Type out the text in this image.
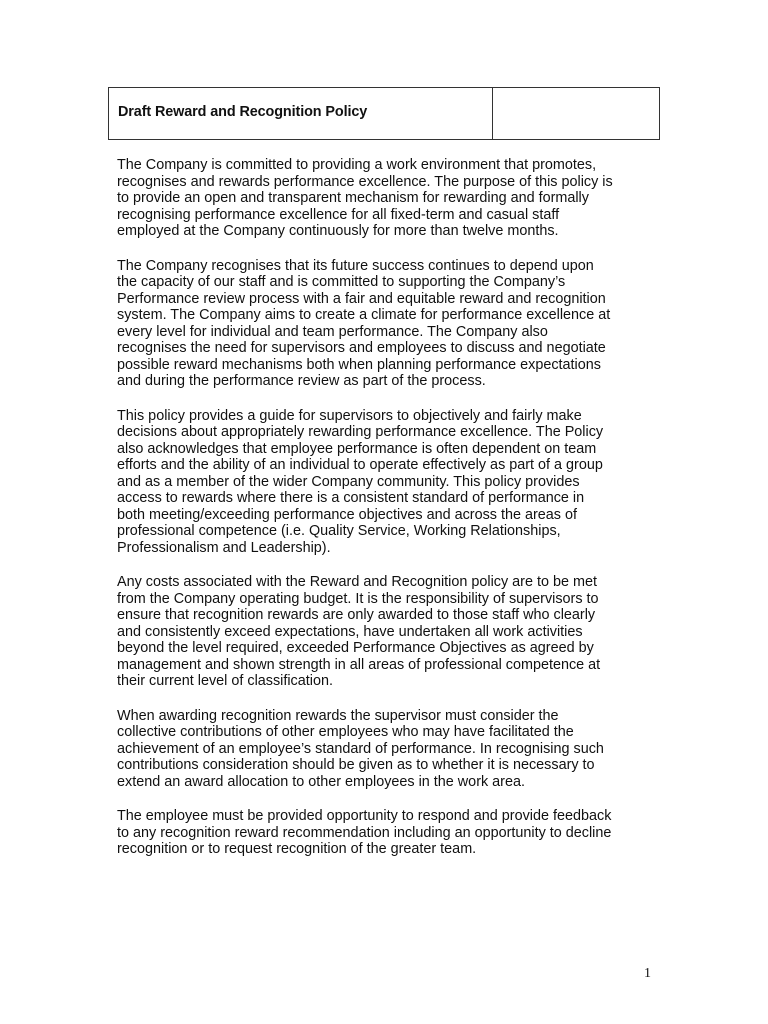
Draft Reward and Recognition Policy

The Company is committed to providing a work environment that promotes,
recognises and rewards performance excellence. The purpose of this policy is
to provide an open and transparent mechanism for rewarding and formally
recognising performance excellence for all fixed-term and casual staff
employed at the Company continuously for more than twelve months.

The Company recognises that its future success continues to depend upon
the capacity of our staff and is committed to supporting the Company’s
Performance review process with a fair and equitable reward and recognition
system. The Company aims to create a climate for performance excellence at
every level for individual and team performance. The Company also
recognises the need for supervisors and employees to discuss and negotiate
possible reward mechanisms both when planning performance expectations
and during the performance review as part of the process.

This policy provides a guide for supervisors to objectively and fairly make
decisions about appropriately rewarding performance excellence. The Policy
also acknowledges that employee performance is often dependent on team
efforts and the ability of an individual to operate effectively as part of a group
and as a member of the wider Company community. This policy provides
access to rewards where there is a consistent standard of performance in
both meeting/exceeding performance objectives and across the areas of
professional competence (i.e. Quality Service, Working Relationships,
Professionalism and Leadership).

Any costs associated with the Reward and Recognition policy are to be met
from the Company operating budget. It is the responsibility of supervisors to
ensure that recognition rewards are only awarded to those staff who clearly
and consistently exceed expectations, have undertaken all work activities
beyond the level required, exceeded Performance Objectives as agreed by
management and shown strength in all areas of professional competence at
their current level of classification.

When awarding recognition rewards the supervisor must consider the
collective contributions of other employees who may have facilitated the
achievement of an employee’s standard of performance. In recognising such
contributions consideration should be given as to whether it is necessary to
extend an award allocation to other employees in the work area.

The employee must be provided opportunity to respond and provide feedback
to any recognition reward recommendation including an opportunity to decline
recognition or to request recognition of the greater team.

1
